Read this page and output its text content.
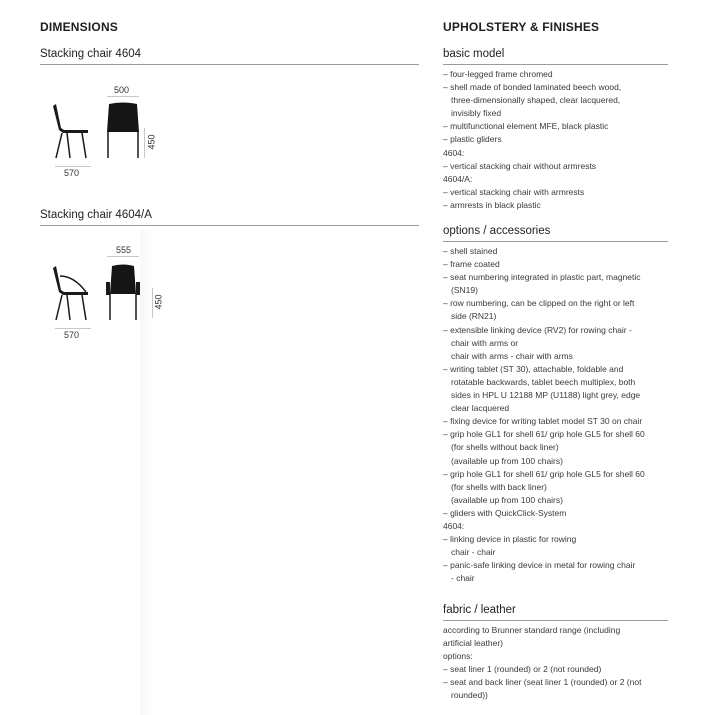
DIMENSIONS
Stacking chair 4604
570
500
450
Stacking chair 4604/A
570
555
450
UPHOLSTERY & FINISHES
basic model
– four-legged frame chromed
– shell made of bonded laminated beech wood,
three-dimensionally shaped, clear lacquered,
invisibly fixed
– multifunctional element MFE, black plastic
– plastic gliders
4604:
– vertical stacking chair without armrests
4604/A:
– vertical stacking chair with armrests
– armrests in black plastic
options / accessories
– shell stained
– frame coated
– seat numbering integrated in plastic part, magnetic
(SN19)
– row numbering, can be clipped on the right or left
side (RN21)
– extensible linking device (RV2) for rowing chair -
chair with arms or
chair with arms - chair with arms
– writing tablet (ST 30), attachable, foldable and
rotatable backwards, tablet beech multiplex, both
sides in HPL U 12188 MP (U1188) light grey, edge
clear lacquered
– fixing device for writing tablet model ST 30 on chair
– grip hole GL1 for shell 61/ grip hole GL5 for shell 60
(for shells without back liner)
(available up from 100 chairs)
– grip hole GL1 for shell 61/ grip hole GL5 for shell 60
(for shells with back liner)
(available up from 100 chairs)
– gliders with QuickClick-System
4604:
– linking device in plastic for rowing
chair - chair
– panic-safe linking device in metal for rowing chair
- chair
fabric / leather
according to Brunner standard range (including
artificial leather)
options:
– seat liner 1 (rounded) or 2 (not rounded)
– seat and back liner (seat liner 1 (rounded) or 2 (not
rounded))
